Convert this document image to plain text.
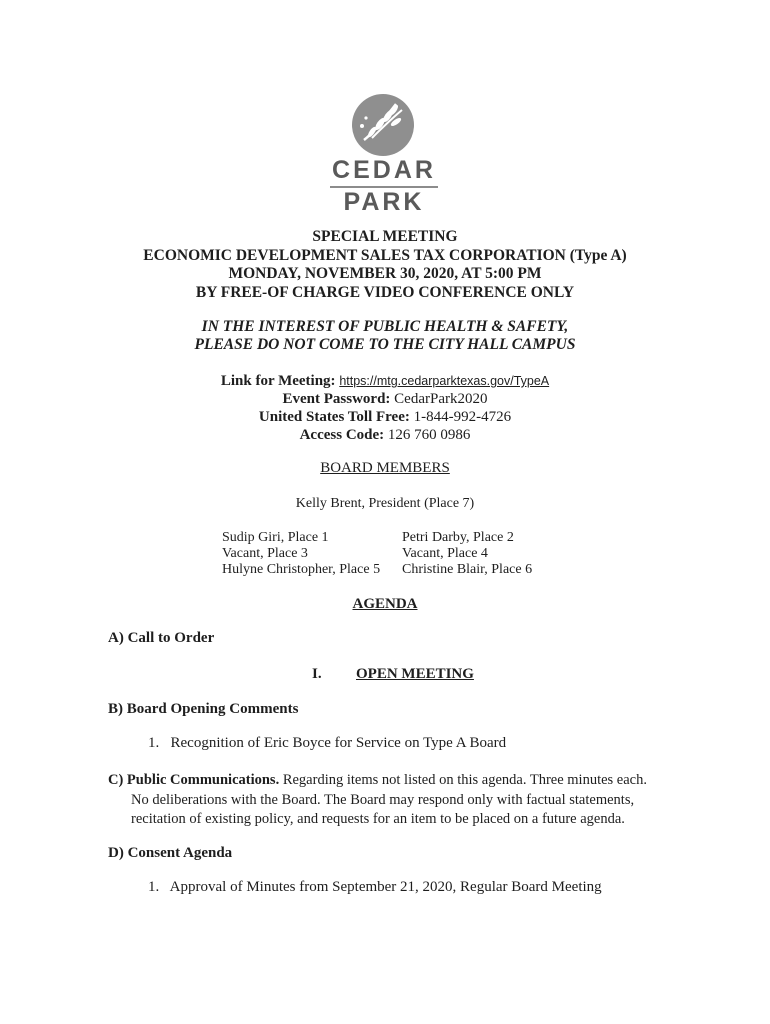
CEDAR
PARK
SPECIAL MEETING
ECONOMIC DEVELOPMENT SALES TAX CORPORATION (Type A)
MONDAY, NOVEMBER 30, 2020, AT 5:00 PM
BY FREE-OF CHARGE VIDEO CONFERENCE ONLY
IN THE INTEREST OF PUBLIC HEALTH & SAFETY,
PLEASE DO NOT COME TO THE CITY HALL CAMPUS
Link for Meeting: https://mtg.cedarparktexas.gov/TypeA
Event Password: CedarPark2020
United States Toll Free: 1-844-992-4726
Access Code: 126 760 0986
BOARD MEMBERS
Kelly Brent, President (Place 7)
Sudip Giri, Place 1
Vacant, Place 3
Hulyne Christopher, Place 5
Petri Darby, Place 2
Vacant, Place 4
Christine Blair, Place 6
AGENDA
A) Call to Order
I. OPEN MEETING
B) Board Opening Comments
1.   Recognition of Eric Boyce for Service on Type A Board
C) Public Communications. Regarding items not listed on this agenda. Three minutes each.
No deliberations with the Board. The Board may respond only with factual statements,
recitation of existing policy, and requests for an item to be placed on a future agenda.
D) Consent Agenda
1.   Approval of Minutes from September 21, 2020, Regular Board Meeting
